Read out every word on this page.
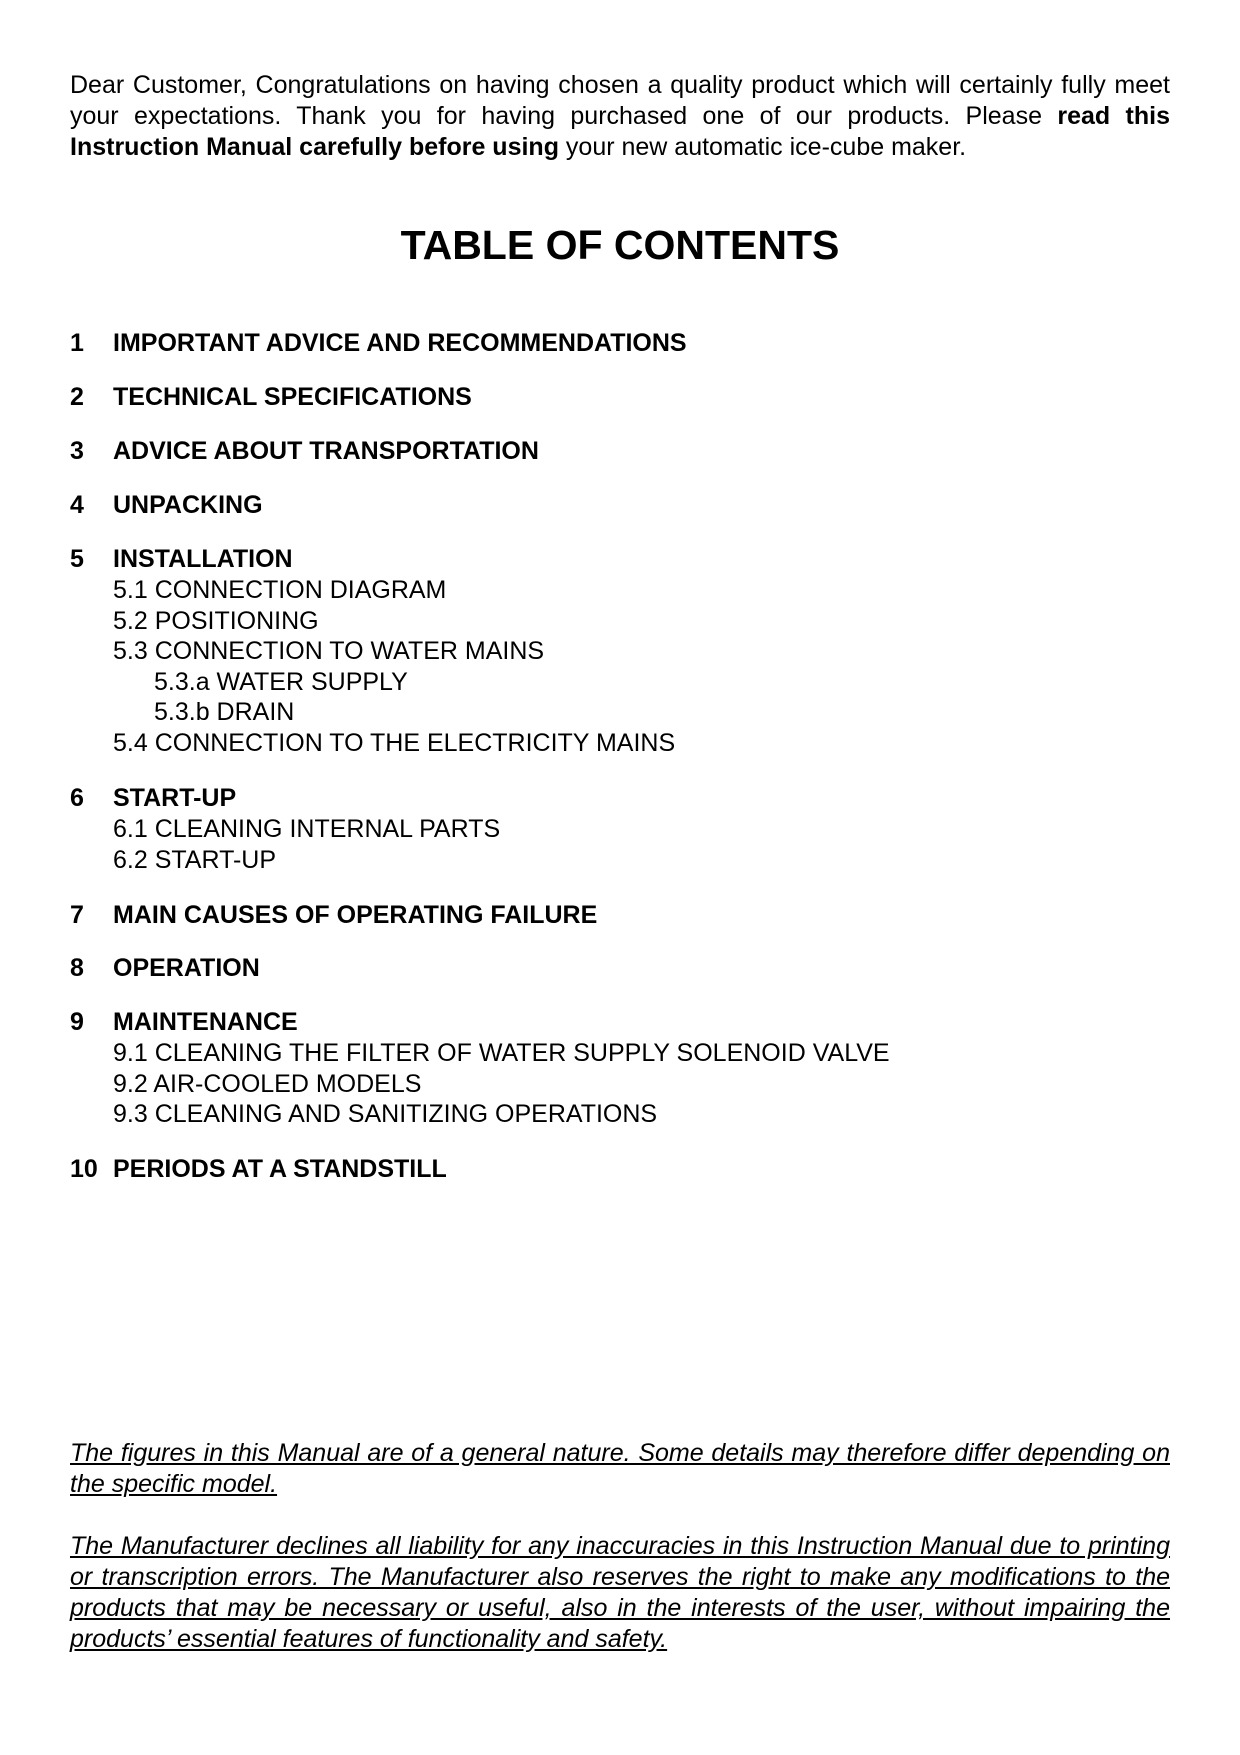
Dear Customer, Congratulations on having chosen a quality product which will certainly fully meet your expectations. Thank you for having purchased one of our products. Please read this Instruction Manual carefully before using your new automatic ice-cube maker.

TABLE OF CONTENTS
1 IMPORTANT ADVICE AND RECOMMENDATIONS
2 TECHNICAL SPECIFICATIONS
3 ADVICE ABOUT TRANSPORTATION
4 UNPACKING
5 INSTALLATION
5.1 CONNECTION DIAGRAM
5.2 POSITIONING
5.3 CONNECTION TO WATER MAINS
5.3.a WATER SUPPLY
5.3.b DRAIN
5.4 CONNECTION TO THE ELECTRICITY MAINS
6 START-UP
6.1 CLEANING INTERNAL PARTS
6.2 START-UP
7 MAIN CAUSES OF OPERATING FAILURE
8 OPERATION
9 MAINTENANCE
9.1 CLEANING THE FILTER OF WATER SUPPLY SOLENOID VALVE
9.2 AIR-COOLED MODELS
9.3 CLEANING AND SANITIZING OPERATIONS
10 PERIODS AT A STANDSTILL

The figures in this Manual are of a general nature. Some details may therefore differ depending on the specific model.

The Manufacturer declines all liability for any inaccuracies in this Instruction Manual due to printing or transcription errors. The Manufacturer also reserves the right to make any modifications to the products that may be necessary or useful, also in the interests of the user, without impairing the products’ essential features of functionality and safety.
